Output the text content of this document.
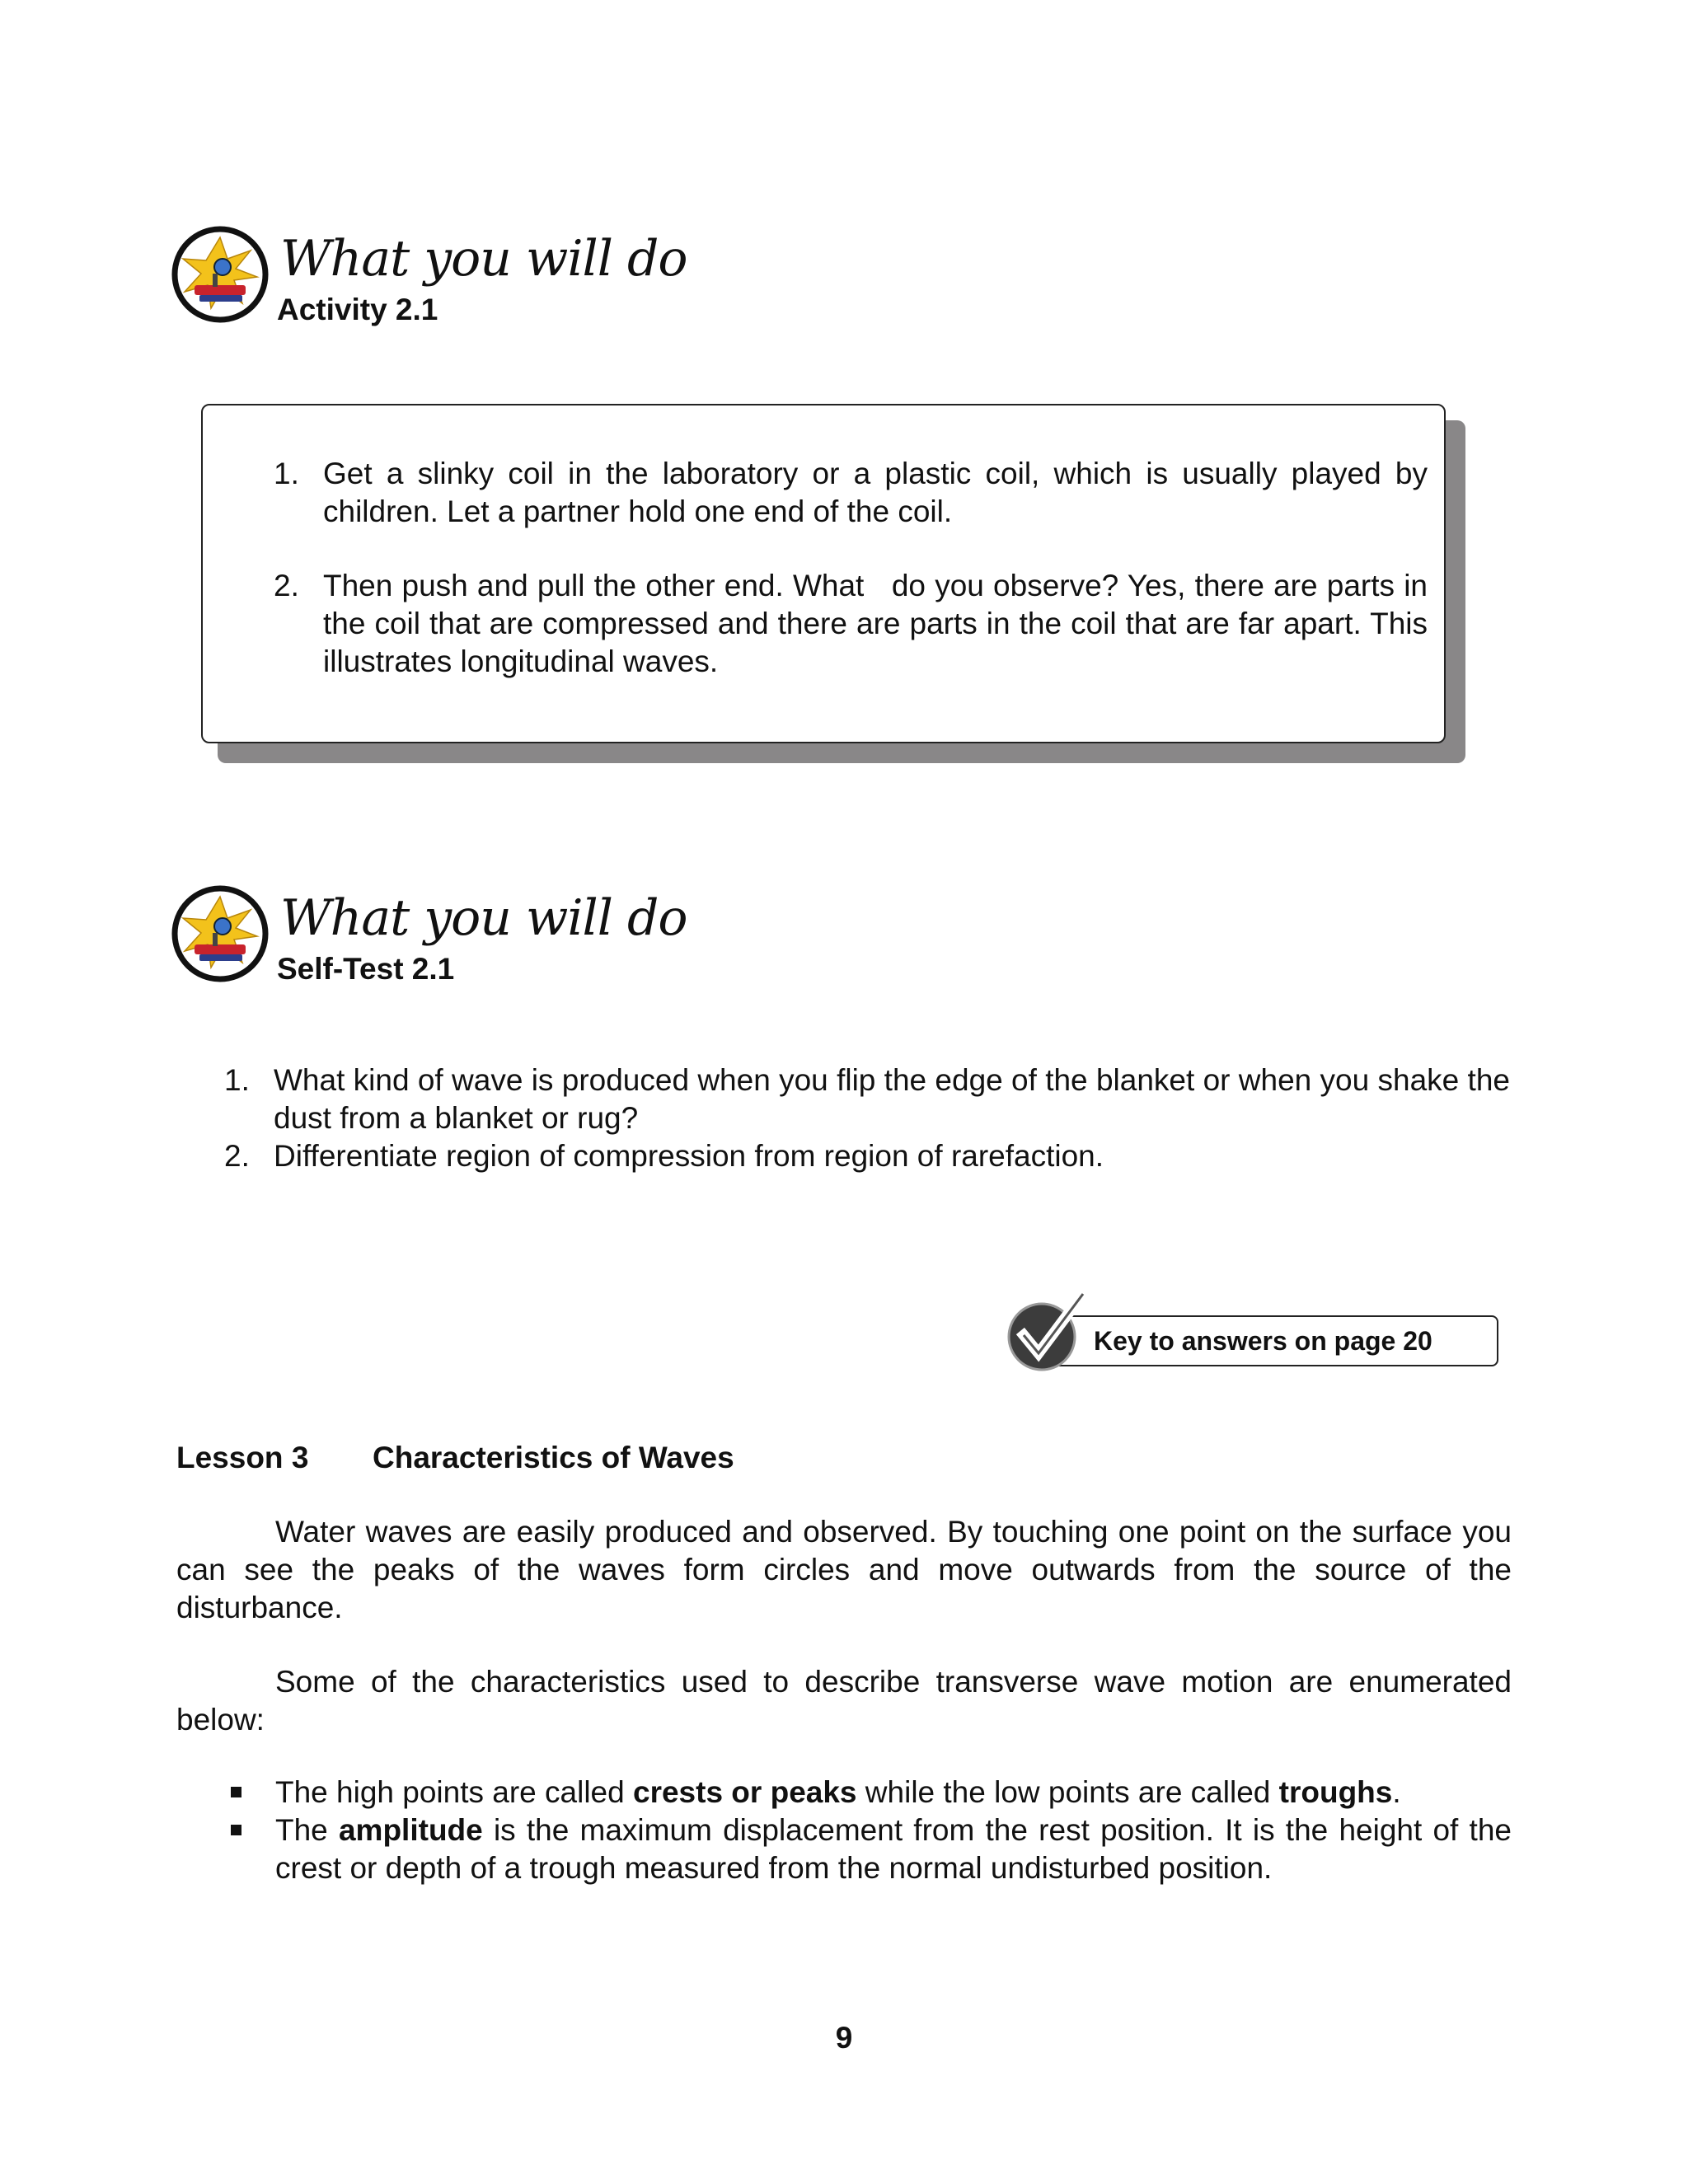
What you will do
Activity 2.1
1. Get a slinky coil in the laboratory or a plastic coil, which is usually played by children. Let a partner hold one end of the coil.
2. Then push and pull the other end. What   do you observe? Yes, there are parts in the coil that are compressed and there are parts in the coil that are far apart. This illustrates longitudinal waves.
What you will do
Self-Test 2.1
1. What kind of wave is produced when you flip the edge of the blanket or when you shake the dust from a blanket or rug?
2. Differentiate region of compression from region of rarefaction.
Key to answers on page 20
Lesson 3 Characteristics of Waves
Water waves are easily produced and observed. By touching one point on the surface you can see the peaks of the waves form circles and move outwards from the source of the disturbance.
Some of the characteristics used to describe transverse wave motion are enumerated below:
The high points are called crests or peaks while the low points are called troughs.
The amplitude is the maximum displacement from the rest position. It is the height of the crest or depth of a trough measured from the normal undisturbed position.
9
